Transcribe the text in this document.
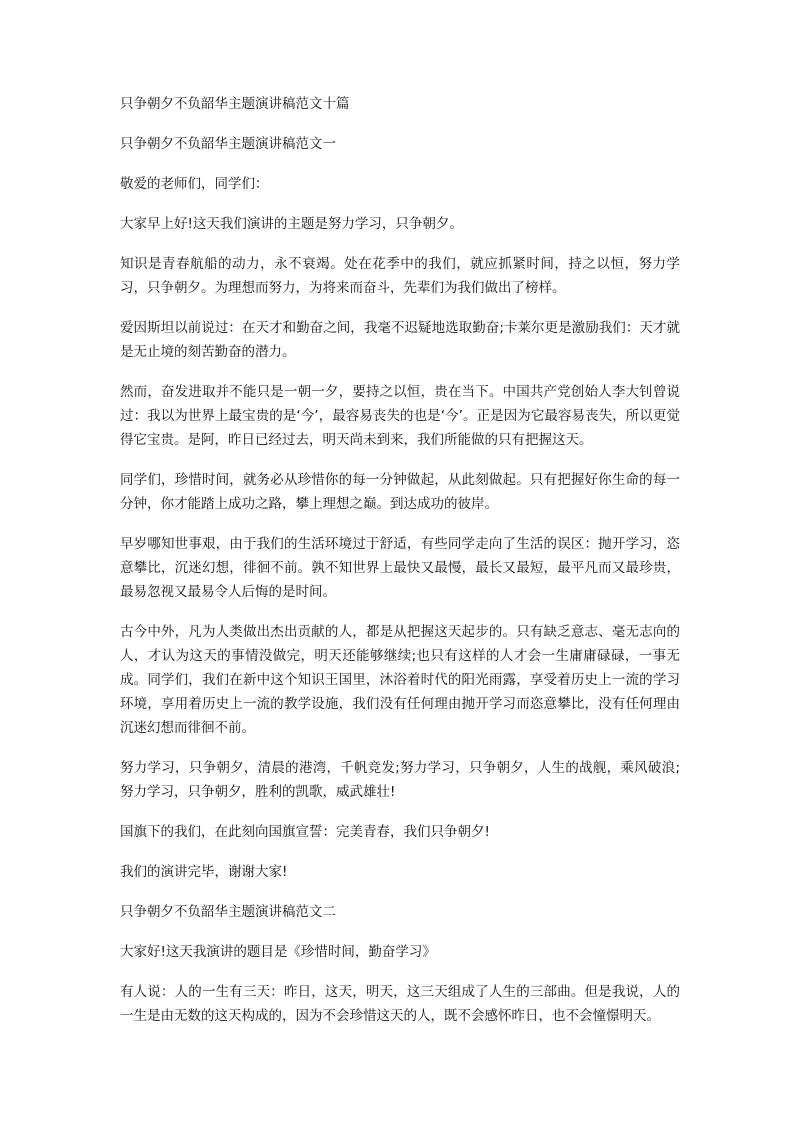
只争朝夕不负韶华主题演讲稿范文十篇

只争朝夕不负韶华主题演讲稿范文一

敬爱的老师们，同学们：

大家早上好!这天我们演讲的主题是努力学习，只争朝夕。

知识是青春航船的动力，永不衰竭。处在花季中的我们，就应抓紧时间，持之以恒，努力学习，只争朝夕。为理想而努力，为将来而奋斗，先辈们为我们做出了榜样。

爱因斯坦以前说过：在天才和勤奋之间，我毫不迟疑地选取勤奋;卡莱尔更是激励我们：天才就是无止境的刻苦勤奋的潜力。

然而，奋发进取并不能只是一朝一夕，要持之以恒，贵在当下。中国共产党创始人李大钊曾说过：我以为世界上最宝贵的是‘今’，最容易丧失的也是‘今’。正是因为它最容易丧失，所以更觉得它宝贵。是阿，昨日已经过去，明天尚未到来，我们所能做的只有把握这天。

同学们，珍惜时间，就务必从珍惜你的每一分钟做起，从此刻做起。只有把握好你生命的每一分钟，你才能踏上成功之路，攀上理想之巅。到达成功的彼岸。

早岁哪知世事艰，由于我们的生活环境过于舒适，有些同学走向了生活的误区：抛开学习，恣意攀比，沉迷幻想，徘徊不前。孰不知世界上最快又最慢，最长又最短，最平凡而又最珍贵，最易忽视又最易令人后悔的是时间。

古今中外，凡为人类做出杰出贡献的人，都是从把握这天起步的。只有缺乏意志、毫无志向的人，才认为这天的事情没做完，明天还能够继续;也只有这样的人才会一生庸庸碌碌，一事无成。同学们，我们在新中这个知识王国里，沐浴着时代的阳光雨露，享受着历史上一流的学习环境，享用着历史上一流的教学设施，我们没有任何理由抛开学习而恣意攀比，没有任何理由沉迷幻想而徘徊不前。

努力学习，只争朝夕，清晨的港湾，千帆竞发;努力学习，只争朝夕，人生的战舰，乘风破浪;努力学习，只争朝夕，胜利的凯歌，威武雄壮!

国旗下的我们，在此刻向国旗宣誓：完美青春，我们只争朝夕!

我们的演讲完毕，谢谢大家!

只争朝夕不负韶华主题演讲稿范文二

大家好!这天我演讲的题目是《珍惜时间，勤奋学习》

有人说：人的一生有三天：昨日，这天，明天，这三天组成了人生的三部曲。但是我说，人的一生是由无数的这天构成的，因为不会珍惜这天的人，既不会感怀昨日，也不会憧憬明天。
